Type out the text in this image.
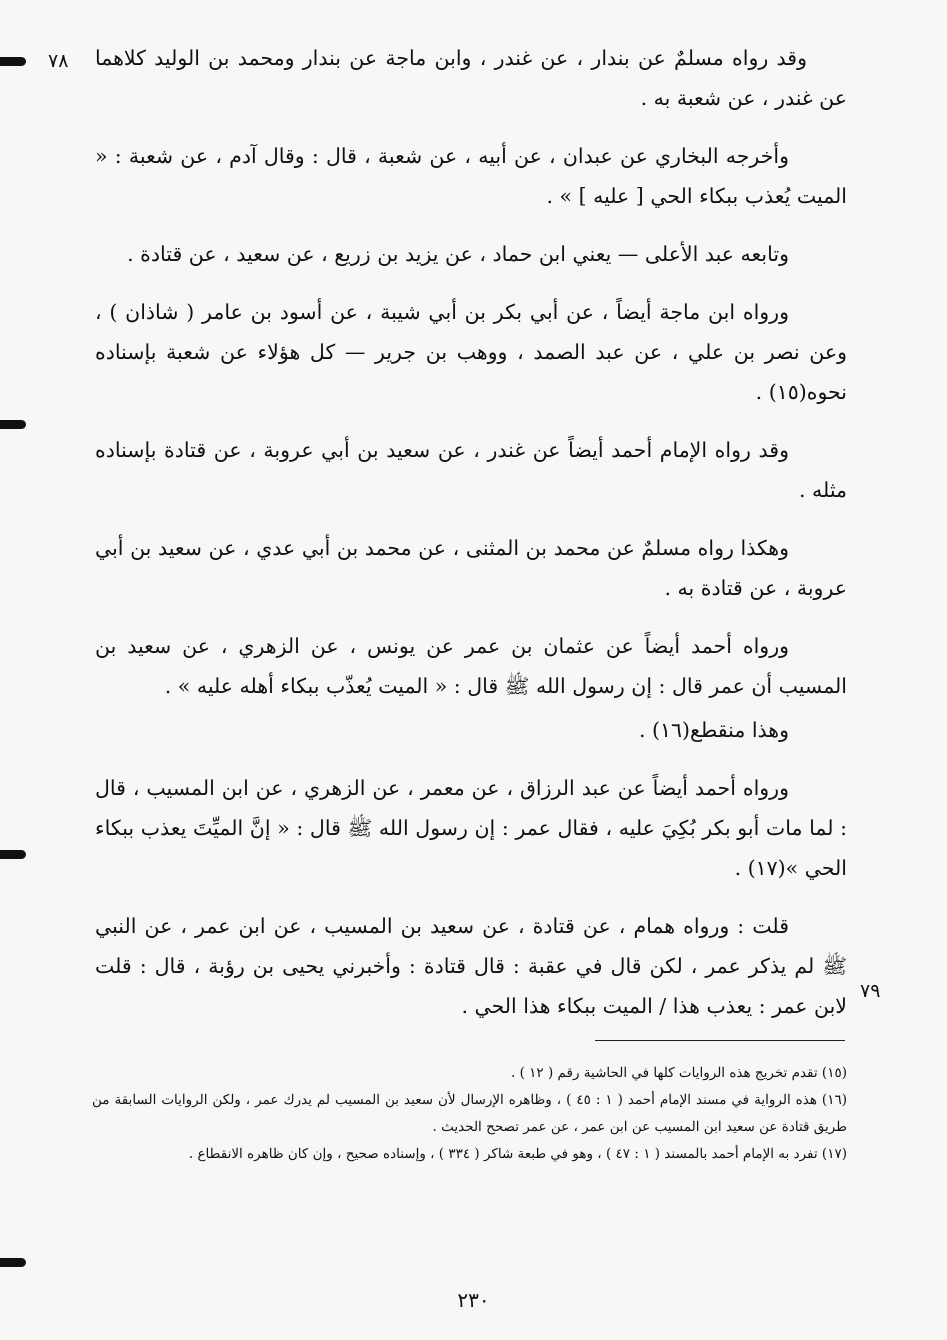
٧٨
٧٩

وقد رواه مسلمٌ عن بندار ، عن غندر ، وابن ماجة عن بندار ومحمد بن الوليد كلاهما عن غندر ، عن شعبة به .

وأخرجه البخاري عن عبدان ، عن أبيه ، عن شعبة ، قال : وقال آدم ، عن شعبة : « الميت يُعذب ببكاء الحي [ عليه ] » .

وتابعه عبد الأعلى — يعني ابن حماد ، عن يزيد بن زريع ، عن سعيد ، عن قتادة .

ورواه ابن ماجة أيضاً ، عن أبي بكر بن أبي شيبة ، عن أسود بن عامر ( شاذان ) ، وعن نصر بن علي ، عن عبد الصمد ، ووهب بن جرير — كل هؤلاء عن شعبة بإسناده نحوه(١٥) .

وقد رواه الإمام أحمد أيضاً عن غندر ، عن سعيد بن أبي عروبة ، عن قتادة بإسناده مثله .

وهكذا رواه مسلمٌ عن محمد بن المثنى ، عن محمد بن أبي عدي ، عن سعيد بن أبي عروبة ، عن قتادة به .

ورواه أحمد أيضاً عن عثمان بن عمر عن يونس ، عن الزهري ، عن سعيد بن المسيب أن عمر قال : إن رسول الله ﷺ قال : « الميت يُعذّب ببكاء أهله عليه » .

وهذا منقطع(١٦) .

ورواه أحمد أيضاً عن عبد الرزاق ، عن معمر ، عن الزهري ، عن ابن المسيب ، قال : لما مات أبو بكر بُكِيَ عليه ، فقال عمر : إن رسول الله ﷺ قال : « إنَّ الميِّتَ يعذب ببكاء الحي »(١٧) .

قلت : ورواه همام ، عن قتادة ، عن سعيد بن المسيب ، عن ابن عمر ، عن النبي ﷺ لم يذكر عمر ، لكن قال في عقبة : قال قتادة : وأخبرني يحيى بن رؤبة ، قال : قلت لابن عمر : يعذب هذا / الميت ببكاء هذا الحي .

(١٥) تقدم تخريج هذه الروايات كلها في الحاشية رقم ( ١٢ ) .

(١٦) هذه الرواية في مسند الإمام أحمد ( ١ : ٤٥ ) ، وظاهره الإرسال لأن سعيد بن المسيب لم يدرك عمر ، ولكن الروايات السابقة من طريق قتادة عن سعيد ابن المسيب عن ابن عمر ، عن عمر تصحح الحديث .

(١٧) تفرد به الإمام أحمد بالمسند ( ١ : ٤٧ ) ، وهو في طبعة شاكر ( ٣٣٤ ) ، وإسناده صحيح ، وإن كان ظاهره الانقطاع .

٢٣٠
